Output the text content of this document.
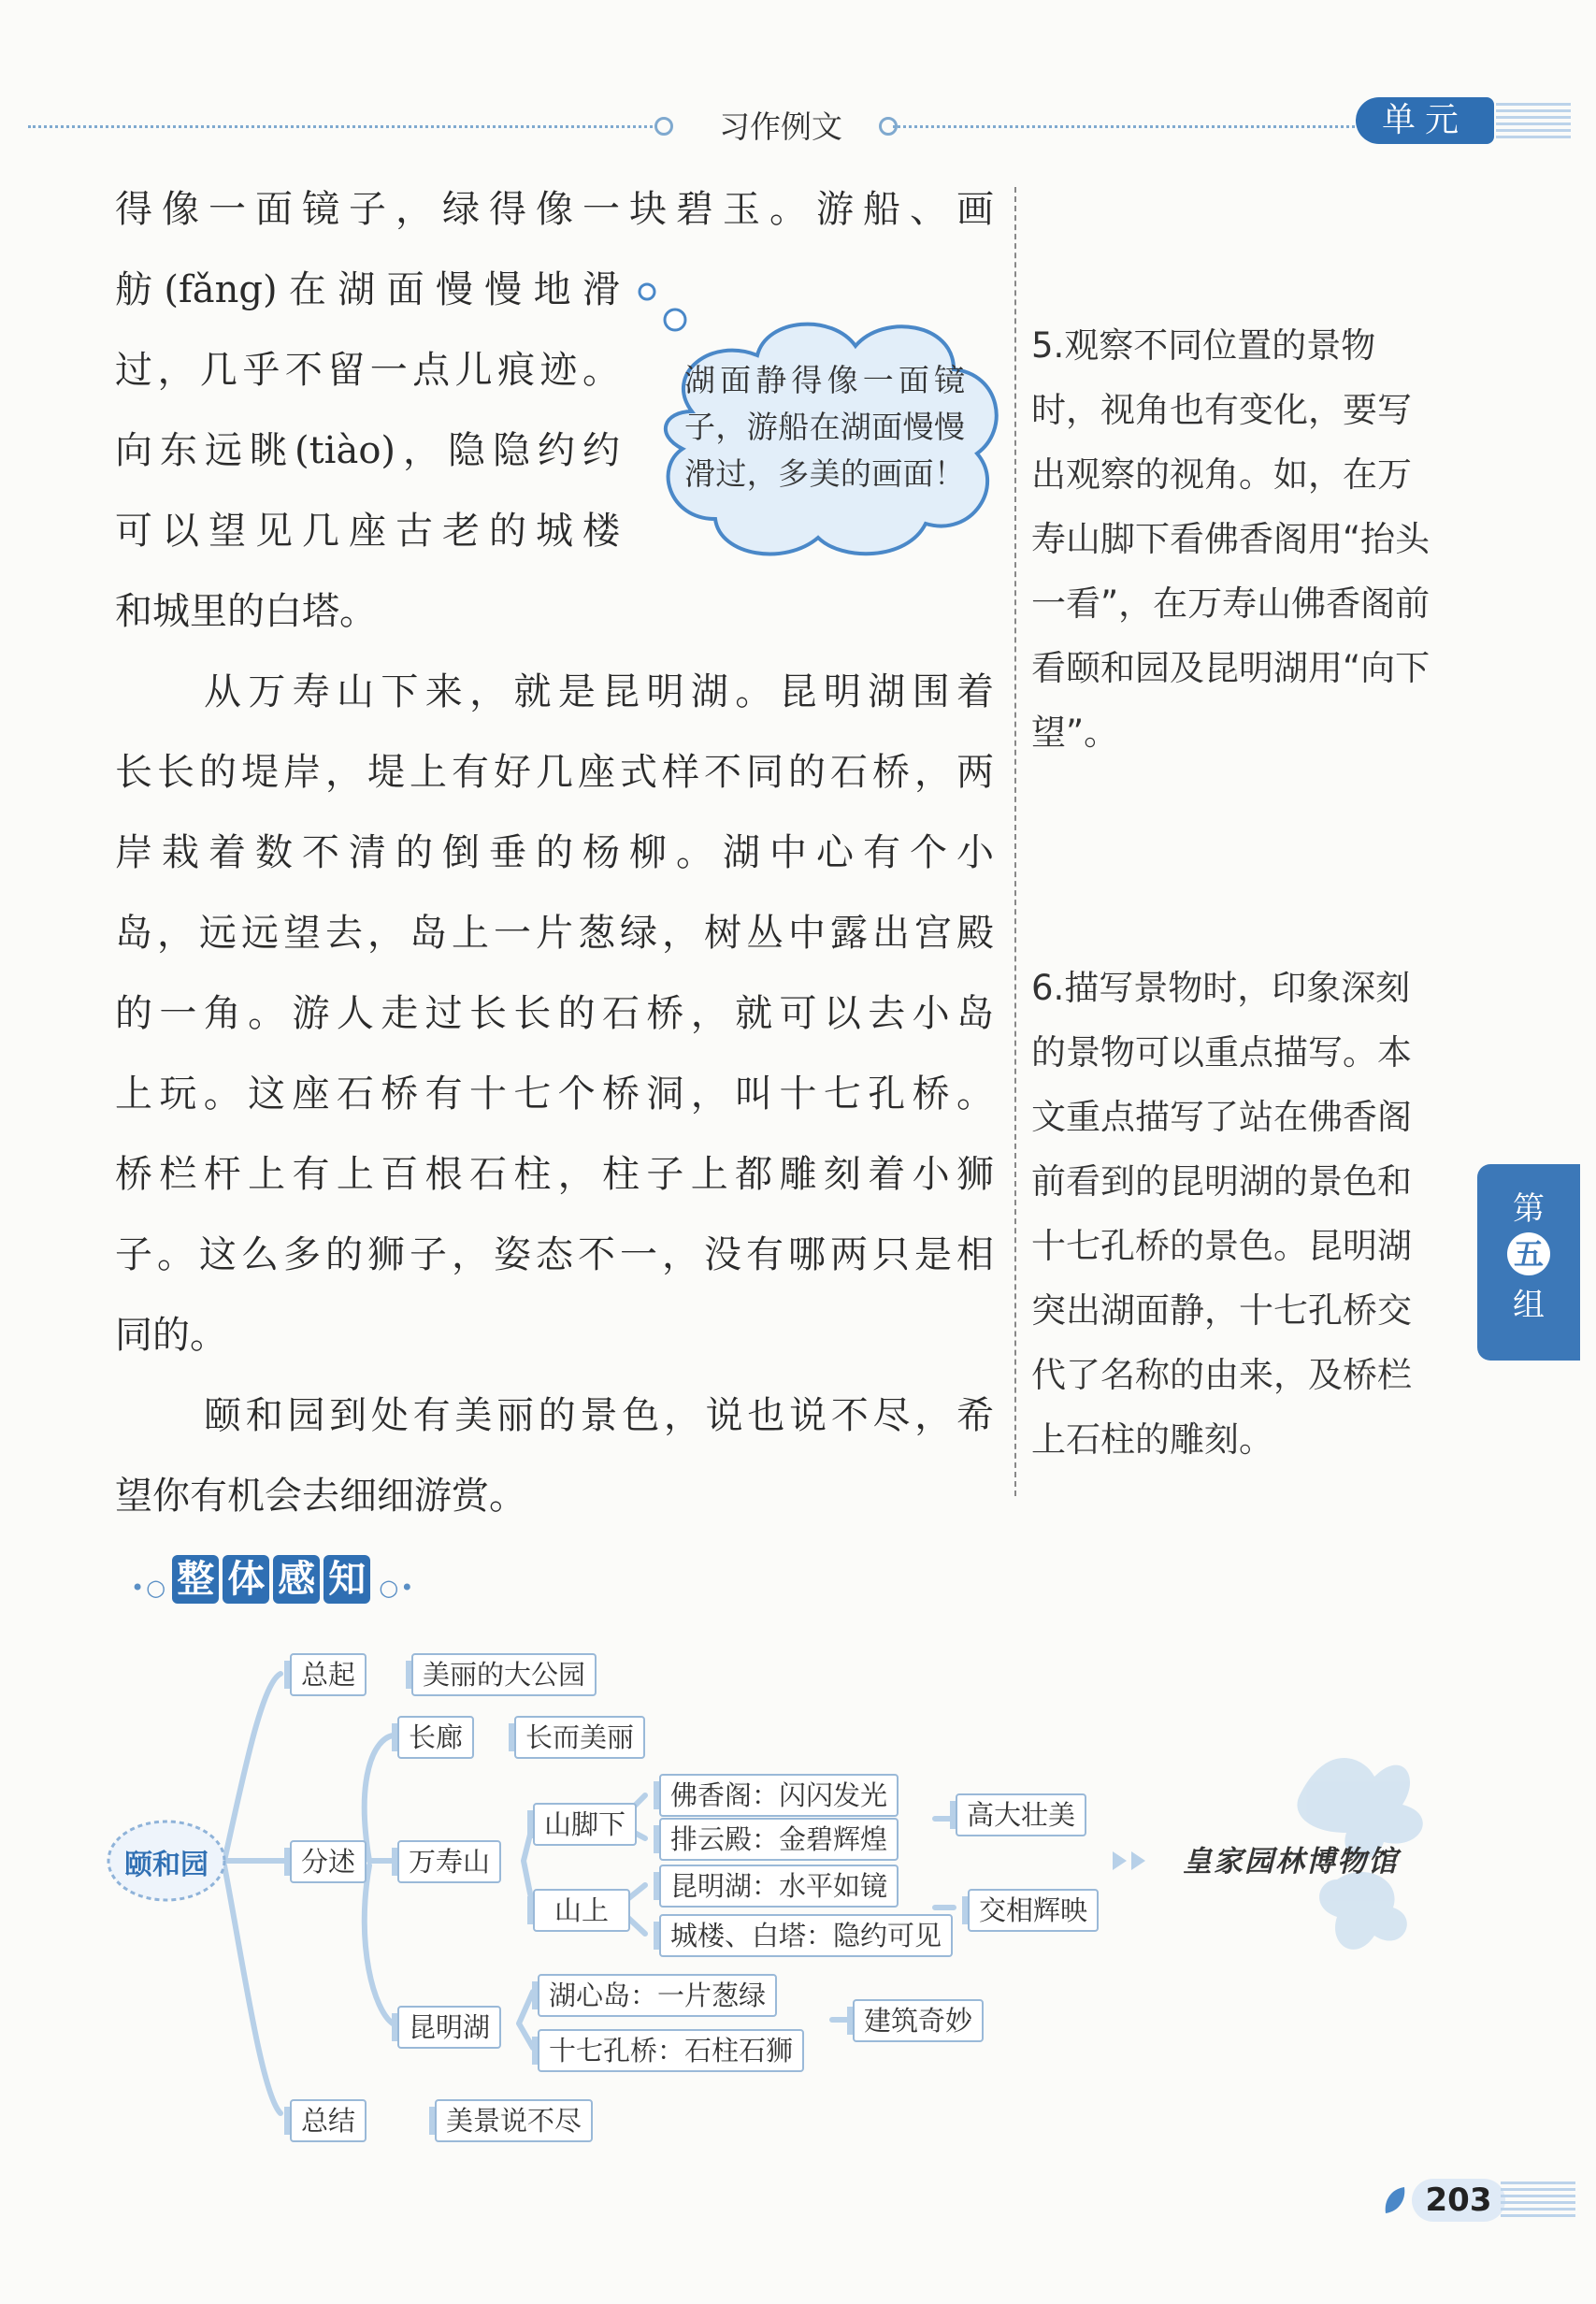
习作例文	单元
得像一面镜子，绿得像一块碧玉。游船、画
舫(fǎng)在湖面慢慢地滑
过，几乎不留一点儿痕迹。
向东远眺(tiào)，隐隐约约
可以望见几座古老的城楼
和城里的白塔。
从万寿山下来，就是昆明湖。昆明湖围着
长长的堤岸，堤上有好几座式样不同的石桥，两
岸栽着数不清的倒垂的杨柳。湖中心有个小
岛，远远望去，岛上一片葱绿，树丛中露出宫殿
的一角。游人走过长长的石桥，就可以去小岛
上玩。这座石桥有十七个桥洞，叫十七孔桥。
桥栏杆上有上百根石柱，柱子上都雕刻着小狮
子。这么多的狮子，姿态不一，没有哪两只是相
同的。
颐和园到处有美丽的景色，说也说不尽，希
望你有机会去细细游赏。
湖面静得像一面镜子，游船在湖面慢慢滑过，多美的画面！
5.观察不同位置的景物时，视角也有变化，要写出观察的视角。如，在万寿山脚下看佛香阁用“抬头一看”，在万寿山佛香阁前看颐和园及昆明湖用“向下望”。
6.描写景物时，印象深刻的景物可以重点描写。本文重点描写了站在佛香阁前看到的昆明湖的景色和十七孔桥的景色。昆明湖突出湖面静，十七孔桥交代了名称的由来，及桥栏上石柱的雕刻。
第
五
组
•○ 整 体 感 知 ○•
颐和园
总起	美丽的大公园
长廊	长而美丽
分述	万寿山
山脚下
佛香阁：闪闪发光
排云殿：金碧辉煌
高大壮美
山上
昆明湖：水平如镜
城楼、白塔：隐约可见
交相辉映
昆明湖
湖心岛：一片葱绿
十七孔桥：石柱石狮
建筑奇妙
总结	美景说不尽
皇家园林博物馆
203
